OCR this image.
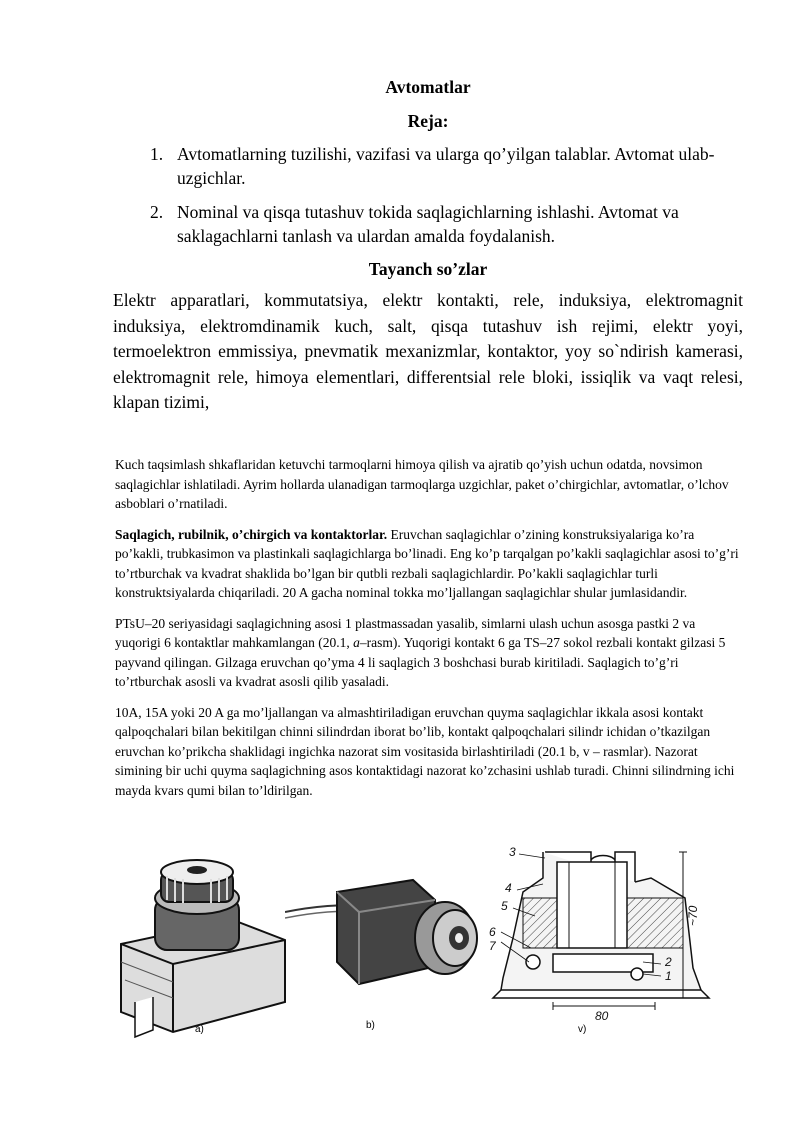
Avtomatlar
Reja:
1. Avtomatlarning tuzilishi, vazifasi va ularga qo’yilgan talablar. Avtomat ulab-uzgichlar.
2. Nominal va qisqa tutashuv tokida saqlagichlarning ishlashi. Avtomat va saklagachlarni tanlash va ulardan amalda foydalanish.
Tayanch so’zlar

Elektr apparatlari, kommutatsiya, elektr kontakti, rele, induksiya, elektromagnit induksiya, elektromdinamik kuch, salt, qisqa tutashuv ish rejimi, elektr yoyi, termoelektron emmissiya, pnevmatik mexanizmlar, kontaktor, yoy so`ndirish kamerasi, elektromagnit rele, himoya elementlari, differentsial rele bloki, issiqlik va vaqt relesi, klapan tizimi,

Kuch taqsimlash shkaflaridan ketuvchi tarmoqlarni himoya qilish va ajratib qo’yish uchun odatda, novsimon saqlagichlar ishlatiladi. Ayrim hollarda ulanadigan tarmoqlarga uzgichlar, paket o’chirgichlar, avtomatlar, o’lchov asboblari o’rnatiladi.

Saqlagich, rubilnik, o’chirgich va kontaktorlar. Eruvchan saqlagichlar o’zining konstruksiyalariga ko’ra po’kakli, trubkasimon va plastinkali saqlagichlarga bo’linadi. Eng ko’p tarqalgan po’kakli saqlagichlar asosi to’g’ri to’rtburchak va kvadrat shaklida bo’lgan bir qutbli rezbali saqlagichlardir. Po’kakli saqlagichlar turli konstruktsiyalarda chiqariladi. 20 A gacha nominal tokka mo’ljallangan saqlagichlar shular jumlasidandir.

PTsU–20 seriyasidagi saqlagichning asosi 1 plastmassadan yasalib, simlarni ulash uchun asosga pastki 2 va yuqorigi 6 kontaktlar mahkamlangan (20.1, a–rasm). Yuqorigi kontakt 6 ga TS–27 sokol rezbali kontakt gilzasi 5 payvand qilingan. Gilzaga eruvchan qo’yma 4 li saqlagich 3 boshchasi burab kiritiladi. Saqlagich to’g’ri to’rtburchak asosli va kvadrat asosli qilib yasaladi.

10A, 15A yoki 20 A ga mo’ljallangan va almashtiriladigan eruvchan quyma saqlagichlar ikkala asosi kontakt qalpoqchalari bilan bekitilgan chinni silindrdan iborat bo’lib, kontakt qalpoqchalari silindr ichidan o’tkazilgan eruvchan ko’prikcha shaklidagi ingichka nazorat sim vositasida birlashtiriladi (20.1 b, v – rasmlar). Nazorat simining bir uchi quyma saqlagichning asos kontaktidagi nazorat ko’zchasini ushlab turadi. Chinni silindrning ichi mayda kvars qumi bilan to’ldirilgan.

a)	b)
3
4
5
6
7
2
1
~70
80
v)
